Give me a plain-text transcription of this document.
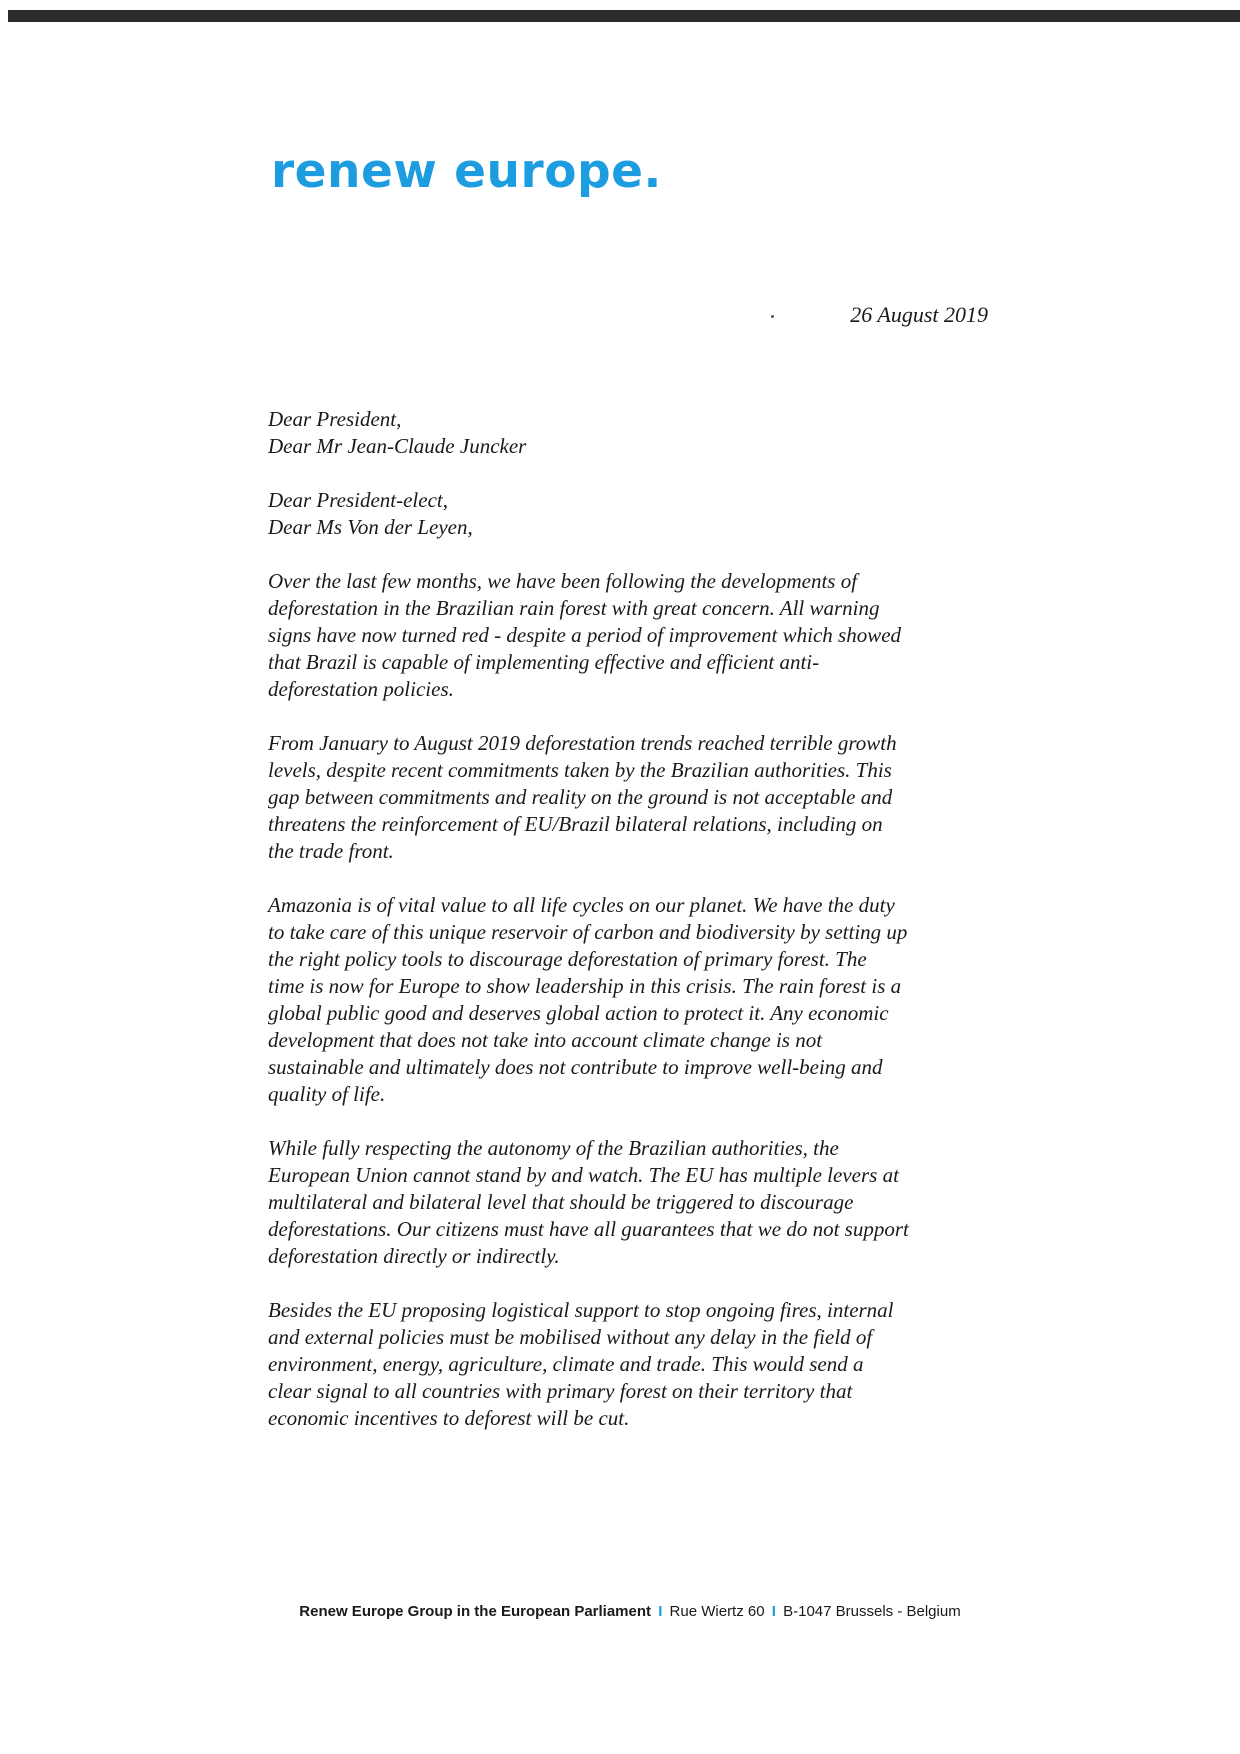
renew europe.
26 August 2019
Dear President,
Dear Mr Jean-Claude Juncker
Dear President-elect,
Dear Ms Von der Leyen,
Over the last few months, we have been following the developments of
deforestation in the Brazilian rain forest with great concern. All warning
signs have now turned red - despite a period of improvement which showed
that Brazil is capable of implementing effective and efficient anti-
deforestation policies.
From January to August 2019 deforestation trends reached terrible growth
levels, despite recent commitments taken by the Brazilian authorities. This
gap between commitments and reality on the ground is not acceptable and
threatens the reinforcement of EU/Brazil bilateral relations, including on
the trade front.
Amazonia is of vital value to all life cycles on our planet. We have the duty
to take care of this unique reservoir of carbon and biodiversity by setting up
the right policy tools to discourage deforestation of primary forest. The
time is now for Europe to show leadership in this crisis. The rain forest is a
global public good and deserves global action to protect it. Any economic
development that does not take into account climate change is not
sustainable and ultimately does not contribute to improve well-being and
quality of life.
While fully respecting the autonomy of the Brazilian authorities, the
European Union cannot stand by and watch. The EU has multiple levers at
multilateral and bilateral level that should be triggered to discourage
deforestations. Our citizens must have all guarantees that we do not support
deforestation directly or indirectly.
Besides the EU proposing logistical support to stop ongoing fires, internal
and external policies must be mobilised without any delay in the field of
environment, energy, agriculture, climate and trade. This would send a
clear signal to all countries with primary forest on their territory that
economic incentives to deforest will be cut.
Renew Europe Group in the European Parliament I Rue Wiertz 60 I B-1047 Brussels - Belgium
